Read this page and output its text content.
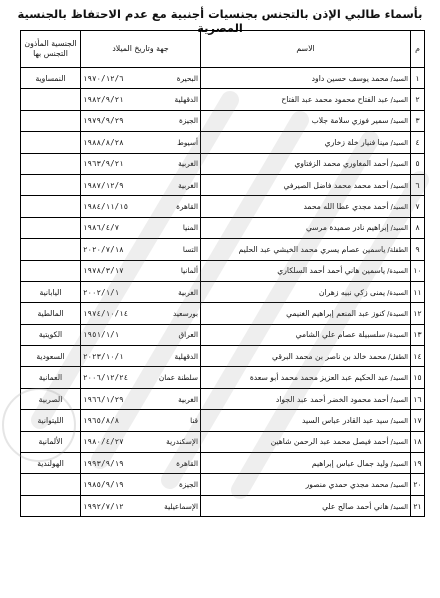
بأسماء طالبي الإذن بالتجنس بجنسيات أجنبية مع عدم الاحتفاظ بالجنسية المصرية
م	الاسم	جهة وتاريخ الميلاد		الجنسية المأذون التجنس بها
١	السيد/محمد يوسف حسين داود	البحيرة	١٩٧٠/١٢/٦	النمساوية
٢	السيد/عبد الفتاح محمود محمد عبد الفتاح	الدقهلية	١٩٨٢/٩/٢١	
٣	السيد/سمير فوزي سلامة جلاب	الجيزة	١٩٧٩/٩/٢٩	
٤	السيد/مينا فنيار خلة زخاري	أسيوط	١٩٨٨/٨/٢٨	
٥	السيد/أحمد المغاوري محمد الزفتاوي	الغربية	١٩٦٣/٩/٢١	
٦	السيد/أحمد محمد محمد فاضل الصيرفي	الغربية	١٩٨٧/١٢/٩	
٧	السيد/أحمد مجدي عطا الله محمد	القاهرة	١٩٨٤/١١/١٥	
٨	السيد/إبراهيم نادر صميدة مرسي	المنيا	١٩٨٦/٤/٧	
٩	الطفلة/ياسمين عصام يسري محمد الخيشي عبد الحليم	التسا	٢٠٢٠/٧/١٨	
١٠	السيدة/ياسمين هاني أحمد أحمد السلكاري	ألمانيا	١٩٧٨/٣/١٧	
١١	السيدة/يمنى زكي نبيه زهران	الغربية	٢٠٠٢/١/١	اليابانية
١٢	السيدة/كنوز عبد المنعم إبراهيم الغنيمي	بورسعيد	١٩٧٤/١٠/١٤	المالطية
١٣	السيدة/سلسبيلة عصام علي الشامي	العراق	١٩٥١/١/١	الكويتية
١٤	الطفل/محمد خالد بن ناصر بن محمد البرقي	الدقهلية	٢٠٢٣/١٠/١	السعودية
١٥	السيد/عبد الحكيم عبد العزيز محمد محمد أبو سعدة	سلطنة عمان	٢٠٠٦/١٢/٢٤	العمانية
١٦	السيد/أحمد محمود الخضر أحمد عبد الجواد	الغربية	١٩٦٦/١/٢٩	الصربية
١٧	السيد/سيد عبد القادر عباس السيد	قنا	١٩٦٥/٨/٨	الليتوانية
١٨	السيد/أحمد فيصل محمد عبد الرحمن شاهين	الإسكندرية	١٩٨٠/٤/٢٧	الألمانية
١٩	السيد/وليد جمال عباس إبراهيم	القاهرة	١٩٩٣/٩/١٩	الهولندية
٢٠	السيد/محمد مجدي حمدي منصور	الجيزة	١٩٨٥/٩/١٩	
٢١	السيد/هاني أحمد صالح علي	الإسماعيلية	١٩٩٢/٧/١٢	
